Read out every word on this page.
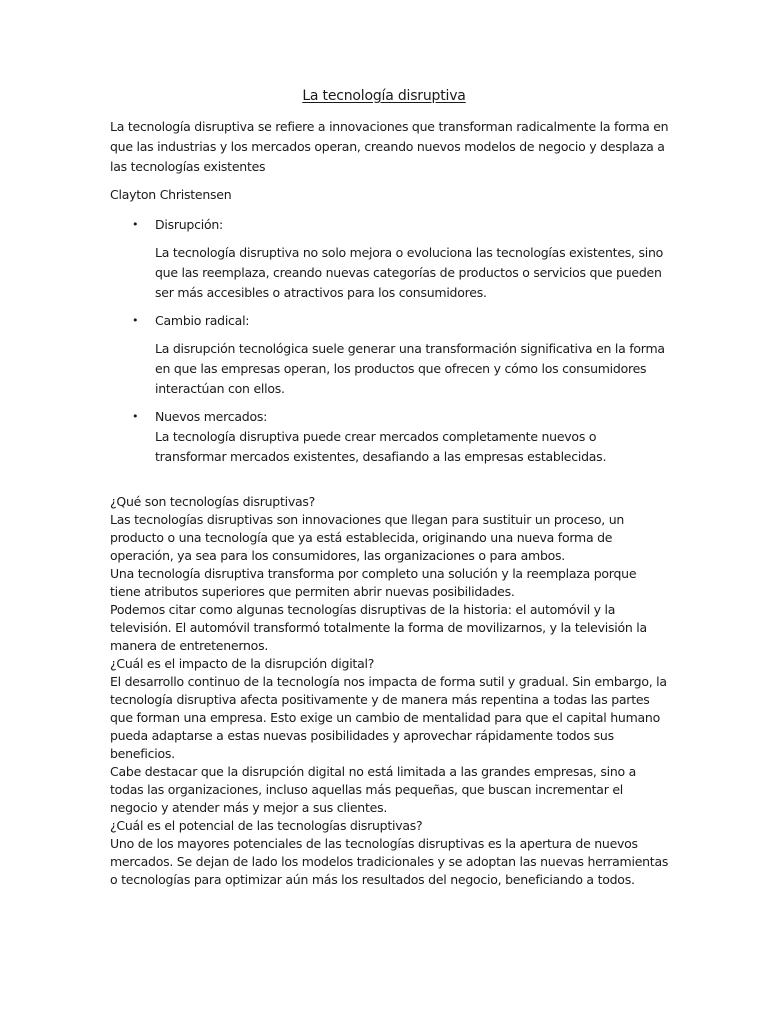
La tecnología disruptiva
La tecnología disruptiva se refiere a innovaciones que transforman radicalmente la forma en que las industrias y los mercados operan, creando nuevos modelos de negocio y desplaza a las tecnologías existentes
Clayton Christensen
• Disrupción:
La tecnología disruptiva no solo mejora o evoluciona las tecnologías existentes, sino que las reemplaza, creando nuevas categorías de productos o servicios que pueden ser más accesibles o atractivos para los consumidores.
• Cambio radical:
La disrupción tecnológica suele generar una transformación significativa en la forma en que las empresas operan, los productos que ofrecen y cómo los consumidores interactúan con ellos.
• Nuevos mercados:
La tecnología disruptiva puede crear mercados completamente nuevos o transformar mercados existentes, desafiando a las empresas establecidas.

¿Qué son tecnologías disruptivas?

Las tecnologías disruptivas son innovaciones que llegan para sustituir un proceso, un producto o una tecnología que ya está establecida, originando una nueva forma de operación, ya sea para los consumidores, las organizaciones o para ambos.

Una tecnología disruptiva transforma por completo una solución y la reemplaza porque tiene atributos superiores que permiten abrir nuevas posibilidades.

Podemos citar como algunas tecnologías disruptivas de la historia: el automóvil y la televisión. El automóvil transformó totalmente la forma de movilizarnos, y la televisión la manera de entretenernos.

¿Cuál es el impacto de la disrupción digital?

El desarrollo continuo de la tecnología nos impacta de forma sutil y gradual. Sin embargo, la tecnología disruptiva afecta positivamente y de manera más repentina a todas las partes que forman una empresa. Esto exige un cambio de mentalidad para que el capital humano pueda adaptarse a estas nuevas posibilidades y aprovechar rápidamente todos sus beneficios.

Cabe destacar que la disrupción digital no está limitada a las grandes empresas, sino a todas las organizaciones, incluso aquellas más pequeñas, que buscan incrementar el negocio y atender más y mejor a sus clientes.

¿Cuál es el potencial de las tecnologías disruptivas?

Uno de los mayores potenciales de las tecnologías disruptivas es la apertura de nuevos mercados. Se dejan de lado los modelos tradicionales y se adoptan las nuevas herramientas o tecnologías para optimizar aún más los resultados del negocio, beneficiando a todos.
